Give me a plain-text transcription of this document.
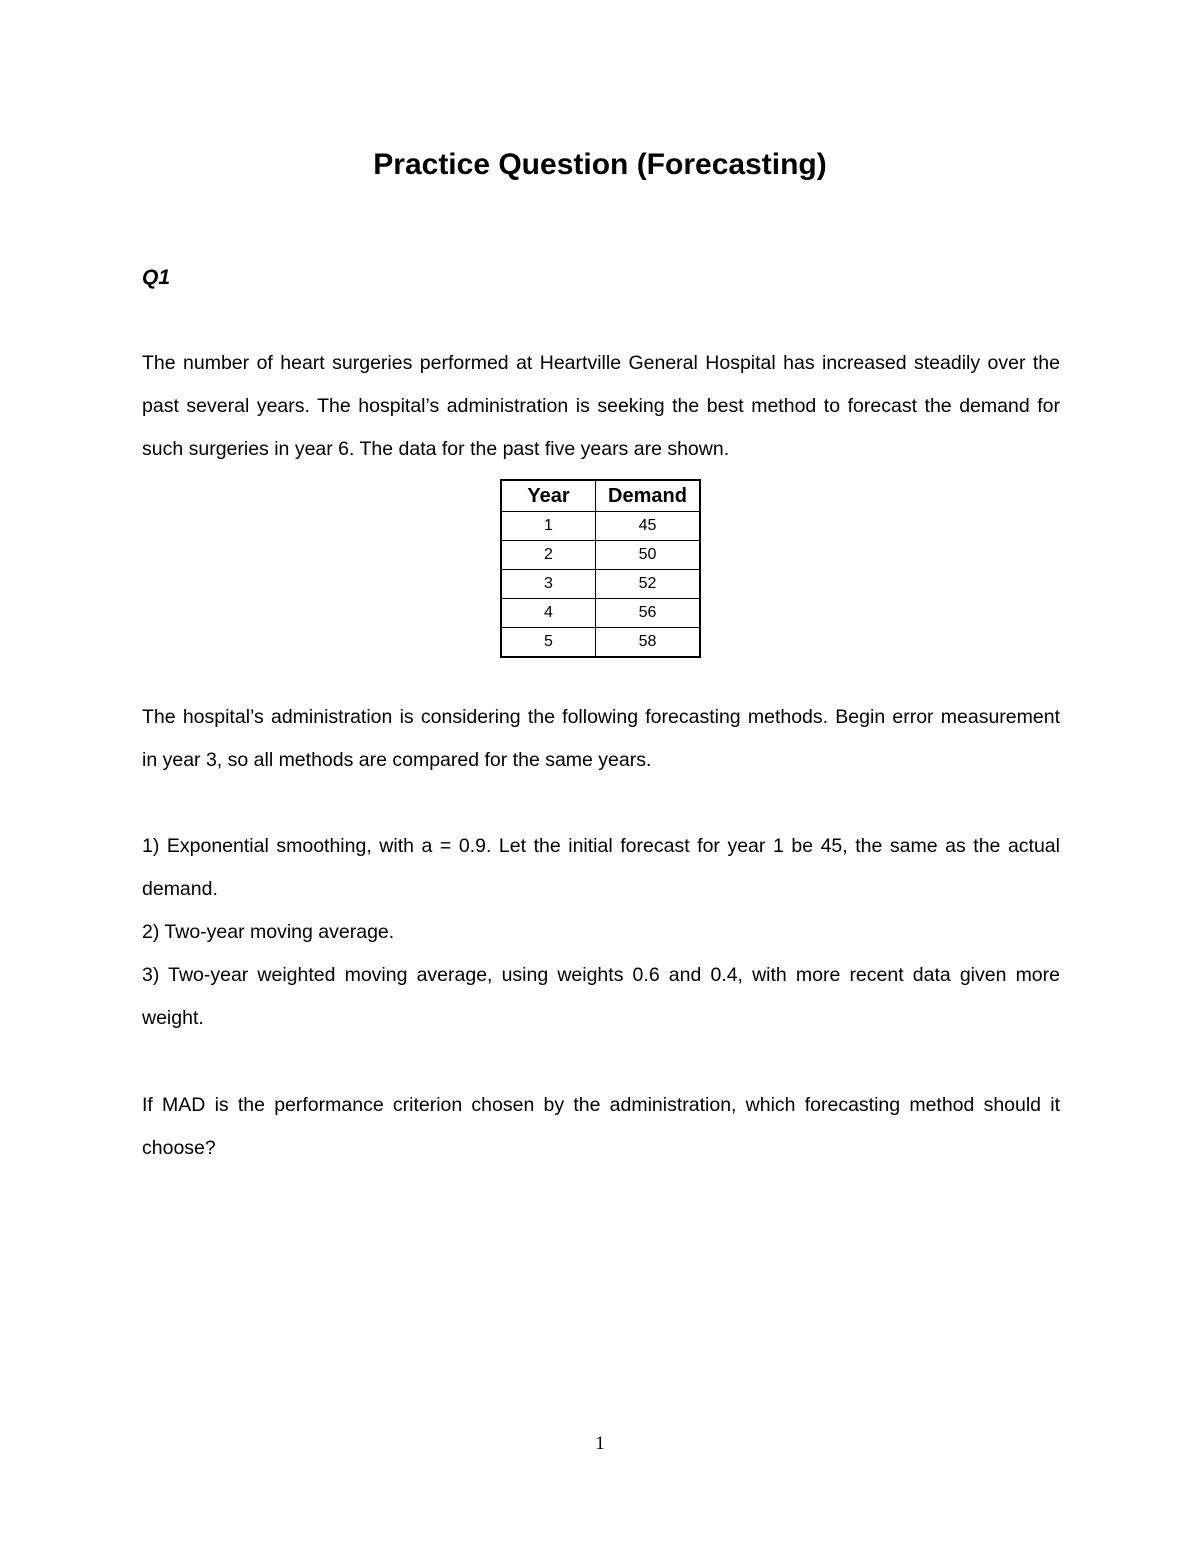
Practice Question (Forecasting)

Q1

The number of heart surgeries performed at Heartville General Hospital has increased steadily over the past several years. The hospital’s administration is seeking the best method to forecast the demand for such surgeries in year 6. The data for the past five years are shown.

Year	Demand
1	45
2	50
3	52
4	56
5	58

The hospital’s administration is considering the following forecasting methods. Begin error measurement in year 3, so all methods are compared for the same years.

1) Exponential smoothing, with a = 0.9. Let the initial forecast for year 1 be 45, the same as the actual demand.
2) Two-year moving average.
3) Two-year weighted moving average, using weights 0.6 and 0.4, with more recent data given more weight.

If MAD is the performance criterion chosen by the administration, which forecasting method should it choose?

1
